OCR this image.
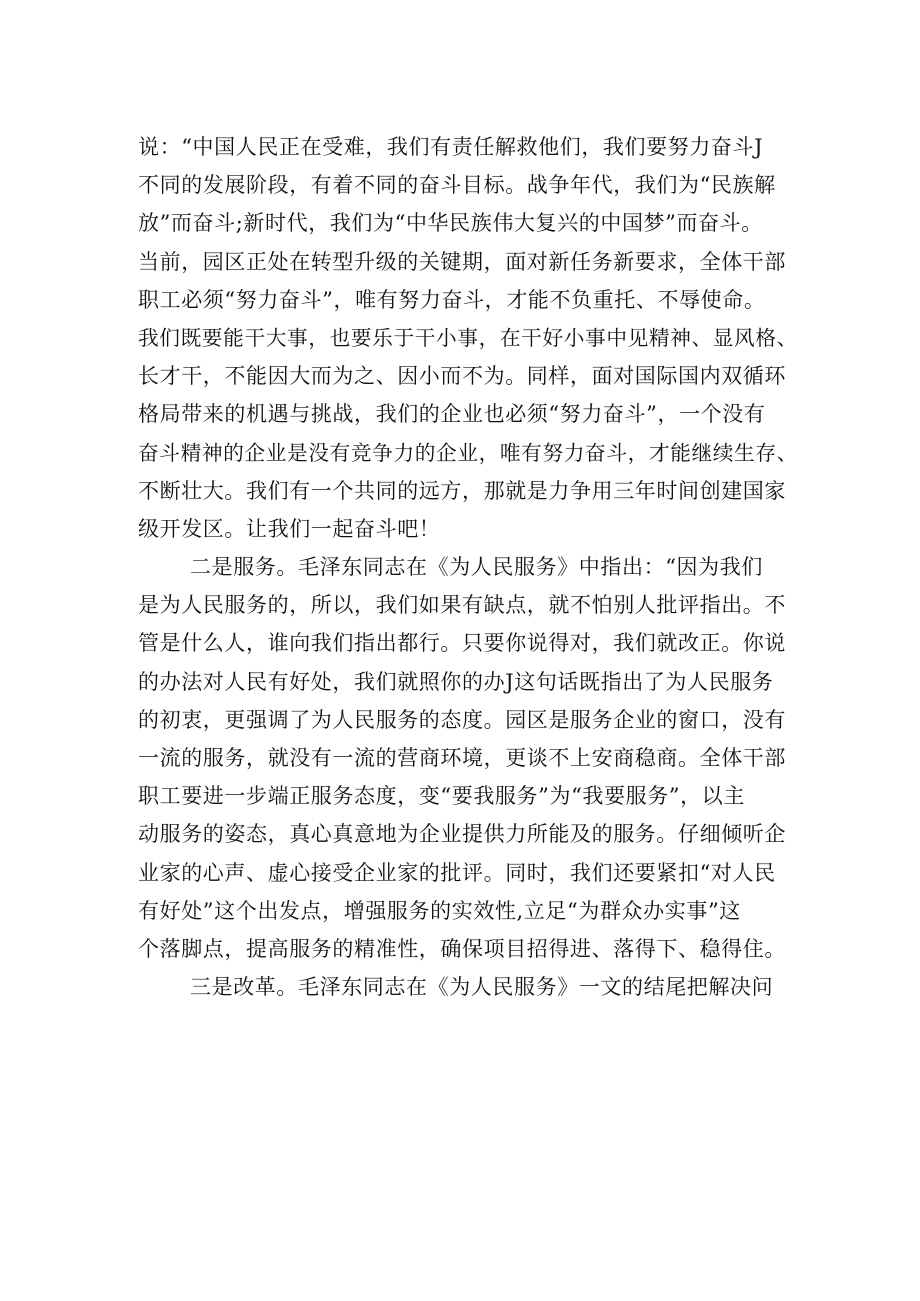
说：“中国人民正在受难，我们有责任解救他们，我们要努力奋斗J
不同的发展阶段，有着不同的奋斗目标。战争年代，我们为“民族解
放”而奋斗;新时代，我们为“中华民族伟大复兴的中国梦”而奋斗。
当前，园区正处在转型升级的关键期，面对新任务新要求，全体干部
职工必须“努力奋斗”，唯有努力奋斗，才能不负重托、不辱使命。
我们既要能干大事，也要乐于干小事，在干好小事中见精神、显风格、
长才干，不能因大而为之、因小而不为。同样，面对国际国内双循环
格局带来的机遇与挑战，我们的企业也必须“努力奋斗”，一个没有
奋斗精神的企业是没有竞争力的企业，唯有努力奋斗，才能继续生存、
不断壮大。我们有一个共同的远方，那就是力争用三年时间创建国家
级开发区。让我们一起奋斗吧！
二是服务。毛泽东同志在《为人民服务》中指出：“因为我们
是为人民服务的，所以，我们如果有缺点，就不怕别人批评指出。不
管是什么人，谁向我们指出都行。只要你说得对，我们就改正。你说
的办法对人民有好处，我们就照你的办J这句话既指出了为人民服务
的初衷，更强调了为人民服务的态度。园区是服务企业的窗口，没有
一流的服务，就没有一流的营商环境，更谈不上安商稳商。全体干部
职工要进一步端正服务态度，变“要我服务”为“我要服务”，以主
动服务的姿态，真心真意地为企业提供力所能及的服务。仔细倾听企
业家的心声、虚心接受企业家的批评。同时，我们还要紧扣“对人民
有好处”这个出发点，增强服务的实效性,立足“为群众办实事”这
个落脚点，提高服务的精准性，确保项目招得进、落得下、稳得住。
三是改革。毛泽东同志在《为人民服务》一文的结尾把解决问
